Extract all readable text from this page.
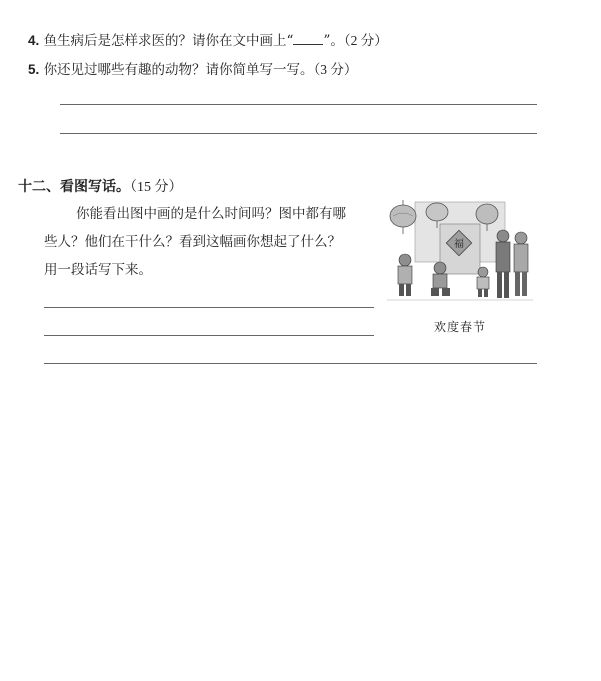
4. 鱼生病后是怎样求医的？请你在文中画上“ ”。（2 分）
5. 你还见过哪些有趣的动物？请你简单写一写。（3 分）
十二、看图写话。（15 分）
你能看出图中画的是什么时间吗？图中都有哪
些人？他们在干什么？看到这幅画你想起了什么？
用一段话写下来。
福
欢度春节
